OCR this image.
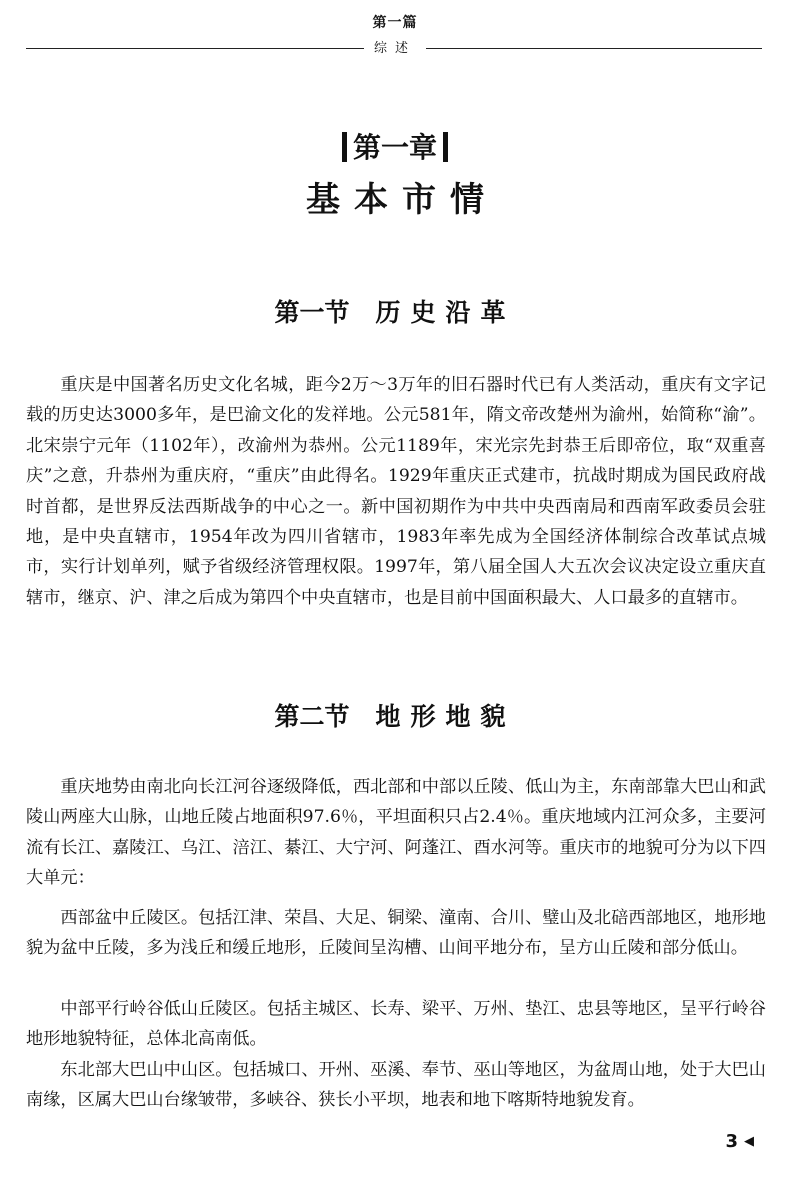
第一篇
综述
第一章
基本市情
第一节 历史沿革

重庆是中国著名历史文化名城，距今2万～3万年的旧石器时代已有人类活动，重庆有文字记载的历史达3000多年，是巴渝文化的发祥地。公元581年，隋文帝改楚州为渝州，始简称“渝”。北宋崇宁元年（1102年），改渝州为恭州。公元1189年，宋光宗先封恭王后即帝位，取“双重喜庆”之意，升恭州为重庆府，“重庆”由此得名。1929年重庆正式建市，抗战时期成为国民政府战时首都，是世界反法西斯战争的中心之一。新中国初期作为中共中央西南局和西南军政委员会驻地，是中央直辖市，1954年改为四川省辖市，1983年率先成为全国经济体制综合改革试点城市，实行计划单列，赋予省级经济管理权限。1997年，第八届全国人大五次会议决定设立重庆直辖市，继京、沪、津之后成为第四个中央直辖市，也是目前中国面积最大、人口最多的直辖市。

第二节 地形地貌

重庆地势由南北向长江河谷逐级降低，西北部和中部以丘陵、低山为主，东南部靠大巴山和武陵山两座大山脉，山地丘陵占地面积97.6％，平坦面积只占2.4％。重庆地域内江河众多，主要河流有长江、嘉陵江、乌江、涪江、綦江、大宁河、阿蓬江、酉水河等。重庆市的地貌可分为以下四大单元：

西部盆中丘陵区。包括江津、荣昌、大足、铜梁、潼南、合川、璧山及北碚西部地区，地形地貌为盆中丘陵，多为浅丘和缓丘地形，丘陵间呈沟槽、山间平地分布，呈方山丘陵和部分低山。

中部平行岭谷低山丘陵区。包括主城区、长寿、梁平、万州、垫江、忠县等地区，呈平行岭谷地形地貌特征，总体北高南低。

东北部大巴山中山区。包括城口、开州、巫溪、奉节、巫山等地区，为盆周山地，处于大巴山南缘，区属大巴山台缘皱带，多峡谷、狭长小平坝，地表和地下喀斯特地貌发育。

3 ◀
